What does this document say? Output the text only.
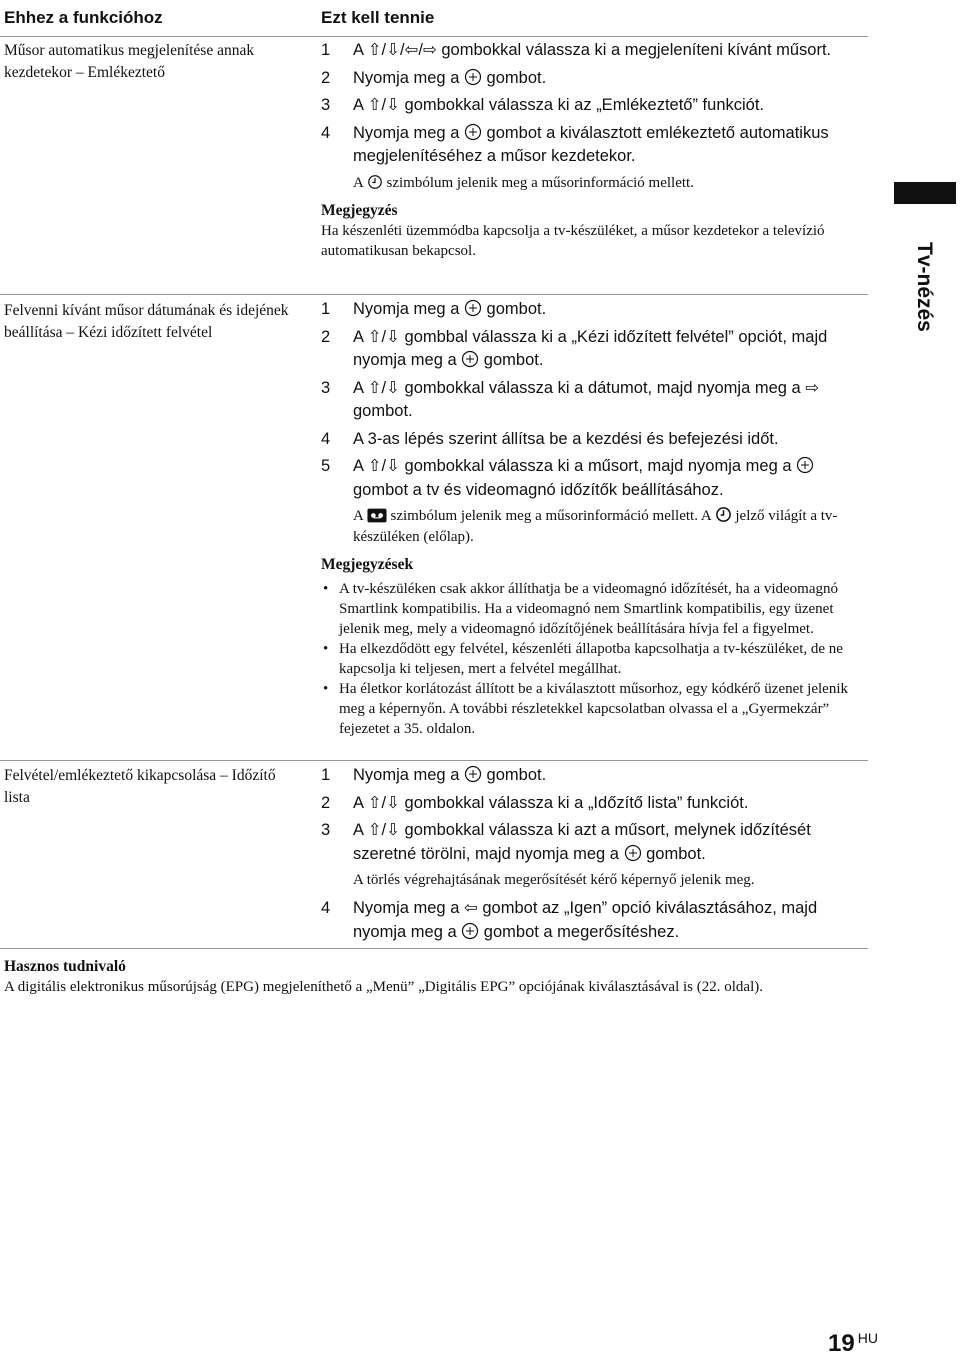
Ehhez a funkcióhoz	Ezt kell tennie
Műsor automatikus megjelenítése annak kezdetekor – Emlékeztető
1 A ⇧/⇩/⇦/⇨ gombokkal válassza ki a megjeleníteni kívánt műsort.
2 Nyomja meg a  gombot.
3 A ⇧/⇩ gombokkal válassza ki az „Emlékeztető” funkciót.
4 Nyomja meg a  gombot a kiválasztott emlékeztető automatikus megjelenítéséhez a műsor kezdetekor.
A  szimbólum jelenik meg a műsorinformáció mellett.
Megjegyzés
Ha készenléti üzemmódba kapcsolja a tv-készüléket, a műsor kezdetekor a televízió automatikusan bekapcsol.
Felvenni kívánt műsor dátumának és idejének beállítása – Kézi időzített felvétel
1 Nyomja meg a  gombot.
2 A ⇧/⇩ gombbal válassza ki a „Kézi időzített felvétel” opciót, majd nyomja meg a  gombot.
3 A ⇧/⇩ gombokkal válassza ki a dátumot, majd nyomja meg a ⇨ gombot.
4 A 3-as lépés szerint állítsa be a kezdési és befejezési időt.
5 A ⇧/⇩ gombokkal válassza ki a műsort, majd nyomja meg a  gombot a tv és videomagnó időzítők beállításához.
A  szimbólum jelenik meg a műsorinformáció mellett. A  jelző világít a tv-készüléken (előlap).
Megjegyzések
• A tv-készüléken csak akkor állíthatja be a videomagnó időzítését, ha a videomagnó Smartlink kompatibilis. Ha a videomagnó nem Smartlink kompatibilis, egy üzenet jelenik meg, mely a videomagnó időzítőjének beállítására hívja fel a figyelmet.
• Ha elkezdődött egy felvétel, készenléti állapotba kapcsolhatja a tv-készüléket, de ne kapcsolja ki teljesen, mert a felvétel megállhat.
• Ha életkor korlátozást állított be a kiválasztott műsorhoz, egy kódkérő üzenet jelenik meg a képernyőn. A további részletekkel kapcsolatban olvassa el a „Gyermekzár” fejezetet a 35. oldalon.
Felvétel/emlékeztető kikapcsolása – Időzítő lista
1 Nyomja meg a  gombot.
2 A ⇧/⇩ gombokkal válassza ki a „Időzítő lista” funkciót.
3 A ⇧/⇩ gombokkal válassza ki azt a műsort, melynek időzítését szeretné törölni, majd nyomja meg a  gombot.
A törlés végrehajtásának megerősítését kérő képernyő jelenik meg.
4 Nyomja meg a ⇦ gombot az „Igen” opció kiválasztásához, majd nyomja meg a  gombot a megerősítéshez.
Hasznos tudnivaló
A digitális elektronikus műsorújság (EPG) megjeleníthető a „Menü” „Digitális EPG” opciójának kiválasztásával is (22. oldal).
Tv-nézés
19 HU
